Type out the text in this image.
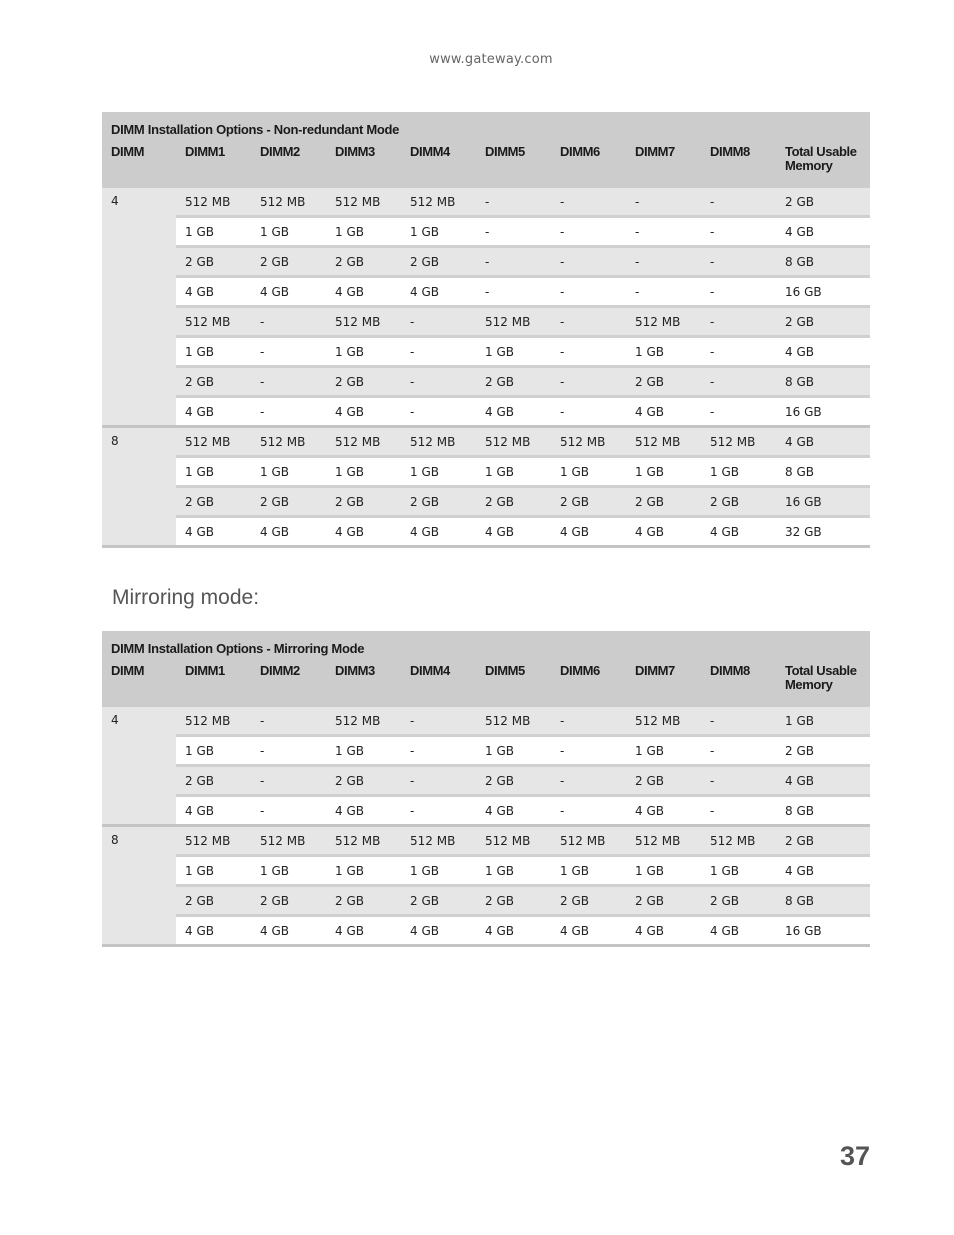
www.gateway.com
DIMM Installation Options - Non-redundant Mode									
DIMM	DIMM1	DIMM2	DIMM3	DIMM4	DIMM5	DIMM6	DIMM7	DIMM8	Total Usable Memory
4	512 MB	512 MB	512 MB	512 MB	-	-	-	-	2 GB
	1 GB	1 GB	1 GB	1 GB	-	-	-	-	4 GB
	2 GB	2 GB	2 GB	2 GB	-	-	-	-	8 GB
	4 GB	4 GB	4 GB	4 GB	-	-	-	-	16 GB
	512 MB	-	512 MB	-	512 MB	-	512 MB	-	2 GB
	1 GB	-	1 GB	-	1 GB	-	1 GB	-	4 GB
	2 GB	-	2 GB	-	2 GB	-	2 GB	-	8 GB
	4 GB	-	4 GB	-	4 GB	-	4 GB	-	16 GB
8	512 MB	512 MB	512 MB	512 MB	512 MB	512 MB	512 MB	512 MB	4 GB
	1 GB	1 GB	1 GB	1 GB	1 GB	1 GB	1 GB	1 GB	8 GB
	2 GB	2 GB	2 GB	2 GB	2 GB	2 GB	2 GB	2 GB	16 GB
	4 GB	4 GB	4 GB	4 GB	4 GB	4 GB	4 GB	4 GB	32 GB
Mirroring mode:
DIMM Installation Options - Mirroring Mode									
DIMM	DIMM1	DIMM2	DIMM3	DIMM4	DIMM5	DIMM6	DIMM7	DIMM8	Total Usable Memory
4	512 MB	-	512 MB	-	512 MB	-	512 MB	-	1 GB
	1 GB	-	1 GB	-	1 GB	-	1 GB	-	2 GB
	2 GB	-	2 GB	-	2 GB	-	2 GB	-	4 GB
	4 GB	-	4 GB	-	4 GB	-	4 GB	-	8 GB
8	512 MB	512 MB	512 MB	512 MB	512 MB	512 MB	512 MB	512 MB	2 GB
	1 GB	1 GB	1 GB	1 GB	1 GB	1 GB	1 GB	1 GB	4 GB
	2 GB	2 GB	2 GB	2 GB	2 GB	2 GB	2 GB	2 GB	8 GB
	4 GB	4 GB	4 GB	4 GB	4 GB	4 GB	4 GB	4 GB	16 GB
37
